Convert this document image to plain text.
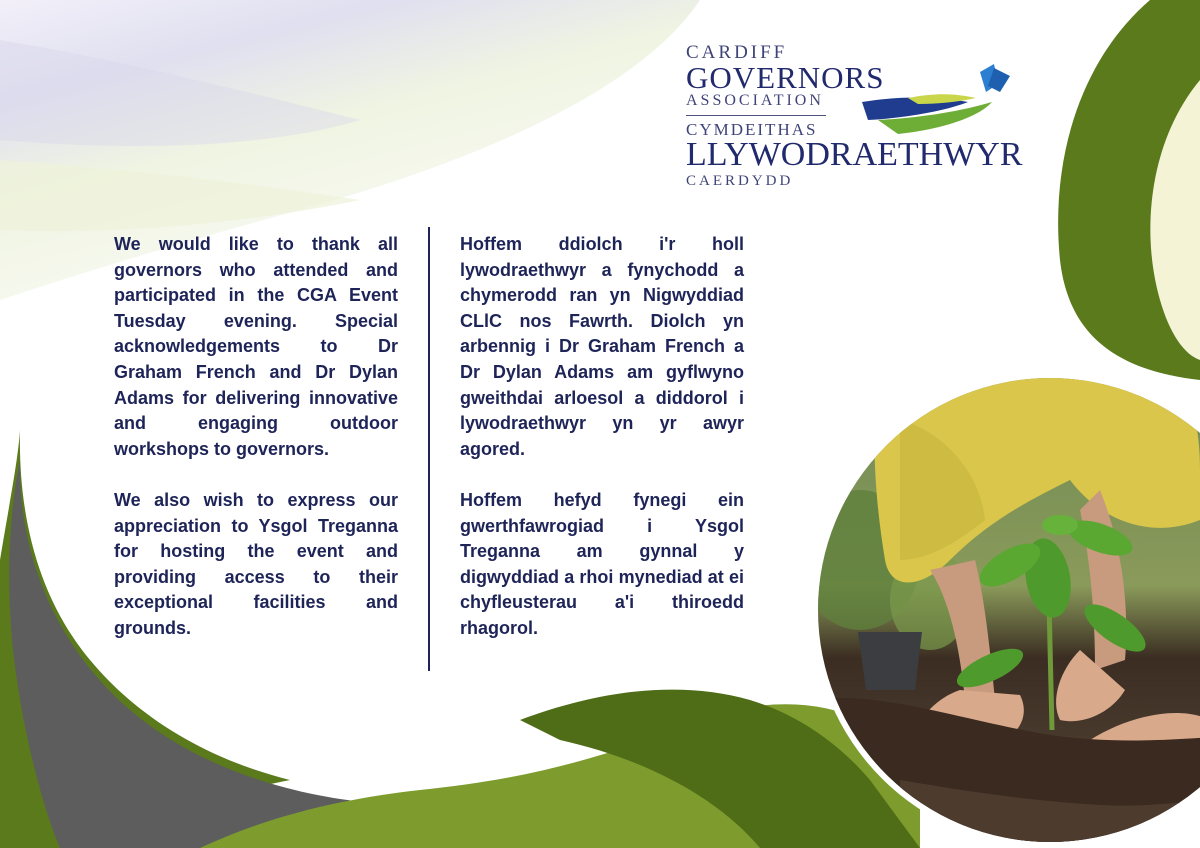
CARDIFF

GOVERNORS

ASSOCIATION

CYMDEITHAS

LLYWODRAETHWYR

CAERDYDD

We would like to thank all governors who attended and participated in the CGA Event Tuesday evening. Special acknowledgements to Dr Graham French and Dr Dylan Adams for delivering innovative and engaging outdoor workshops to governors.

We also wish to express our appreciation to Ysgol Treganna for hosting the event and providing access to their exceptional facilities and grounds.

Hoffem ddiolch i'r holl lywodraethwyr a fynychodd a chymerodd ran yn Nigwyddiad CLlC nos Fawrth. Diolch yn arbennig i Dr Graham French a Dr Dylan Adams am gyflwyno gweithdai arloesol a diddorol i lywodraethwyr yn yr awyr agored.

Hoffem hefyd fynegi ein gwerthfawrogiad i Ysgol Treganna am gynnal y digwyddiad a rhoi mynediad at ei chyfleusterau a'i thiroedd rhagorol.
